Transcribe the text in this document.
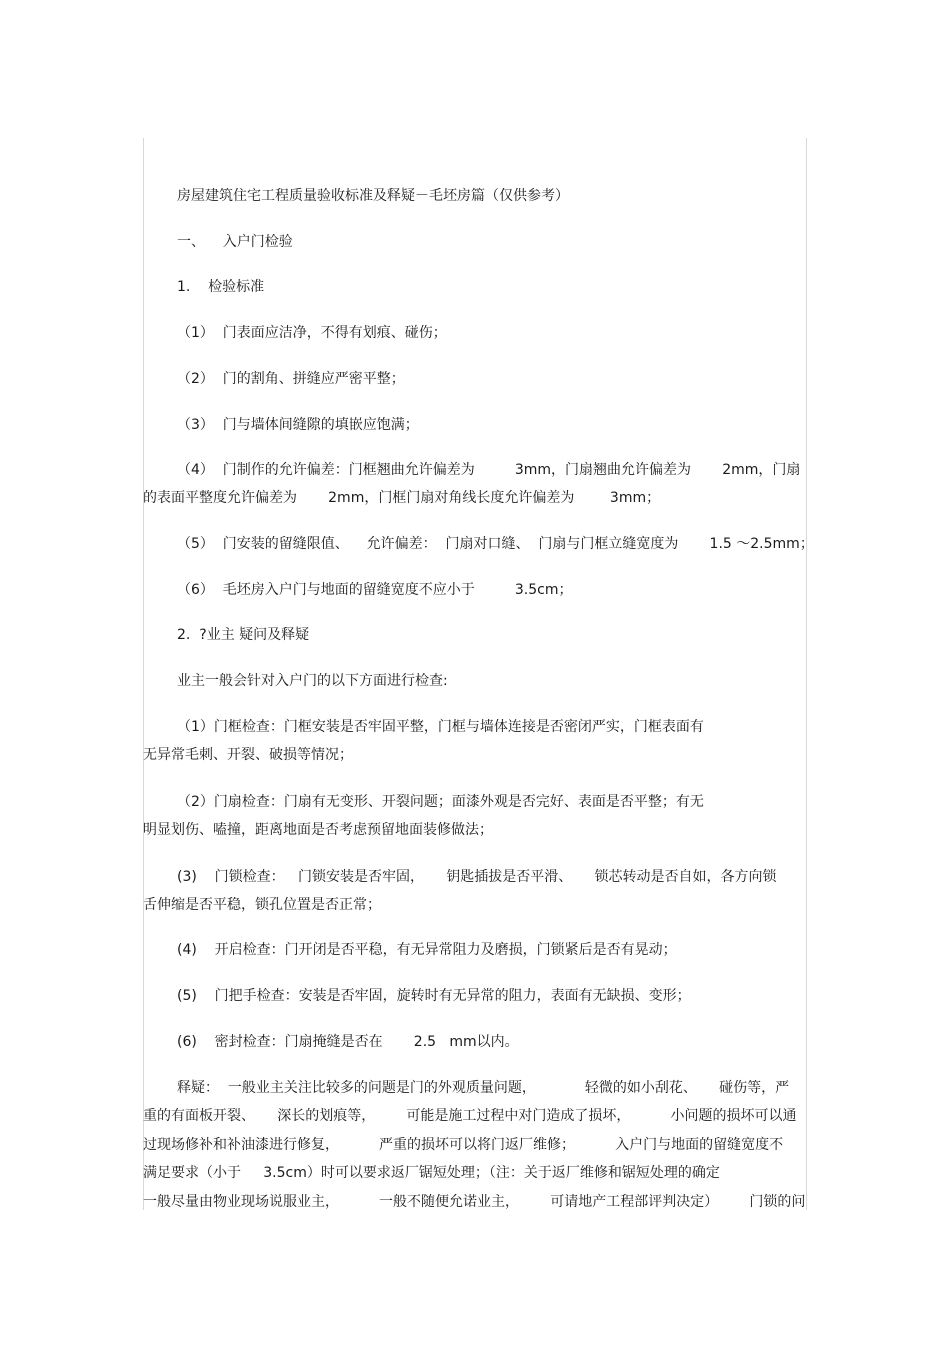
房屋建筑住宅工程质量验收标准及释疑－毛坯房篇（仅供参考）
一、    入户门检验
1.    检验标准
（1）  门表面应洁净，不得有划痕、碰伤；
（2）  门的割角、拼缝应严密平整；
（3）  门与墙体间缝隙的填嵌应饱满；
（4）  门制作的允许偏差：门框翘曲允许偏差为         3mm，门扇翘曲允许偏差为       2mm，门扇
的表面平整度允许偏差为       2mm，门框门扇对角线长度允许偏差为        3mm；
（5）  门安装的留缝限值、    允许偏差：  门扇对口缝、  门扇与门框立缝宽度为       1.5 ～2.5mm；
（6）  毛坯房入户门与地面的留缝宽度不应小于         3.5cm；
2.  ?业主 疑问及释疑
业主一般会针对入户门的以下方面进行检查:
（1）门框检查：门框安装是否牢固平整，门框与墙体连接是否密闭严实，门框表面有
无异常毛刺、开裂、破损等情况；
（2）门扇检查：门扇有无变形、开裂问题；面漆外观是否完好、表面是否平整；有无
明显划伤、嗑撞，距离地面是否考虑预留地面装修做法；
(3)    门锁检查：   门锁安装是否牢固，     钥匙插拔是否平滑、     锁芯转动是否自如，各方向锁
舌伸缩是否平稳，锁孔位置是否正常；
(4)    开启检查：门开闭是否平稳，有无异常阻力及磨损，门锁紧后是否有晃动；
(5)    门把手检查：安装是否牢固，旋转时有无异常的阻力，表面有无缺损、变形；
(6)    密封检查：门扇掩缝是否在       2.5   mm以内。
释疑：  一般业主关注比较多的问题是门的外观质量问题，           轻微的如小刮花、     碰伤等，严
重的有面板开裂、     深长的划痕等，       可能是施工过程中对门造成了损坏，         小问题的损坏可以通
过现场修补和补油漆进行修复，         严重的损坏可以将门返厂维修；         入户门与地面的留缝宽度不
满足要求（小于     3.5cm）时可以要求返厂锯短处理；（注：关于返厂维修和锯短处理的确定
一般尽量由物业现场说服业主，         一般不随便允诺业主，       可请地产工程部评判决定）       门锁的问
